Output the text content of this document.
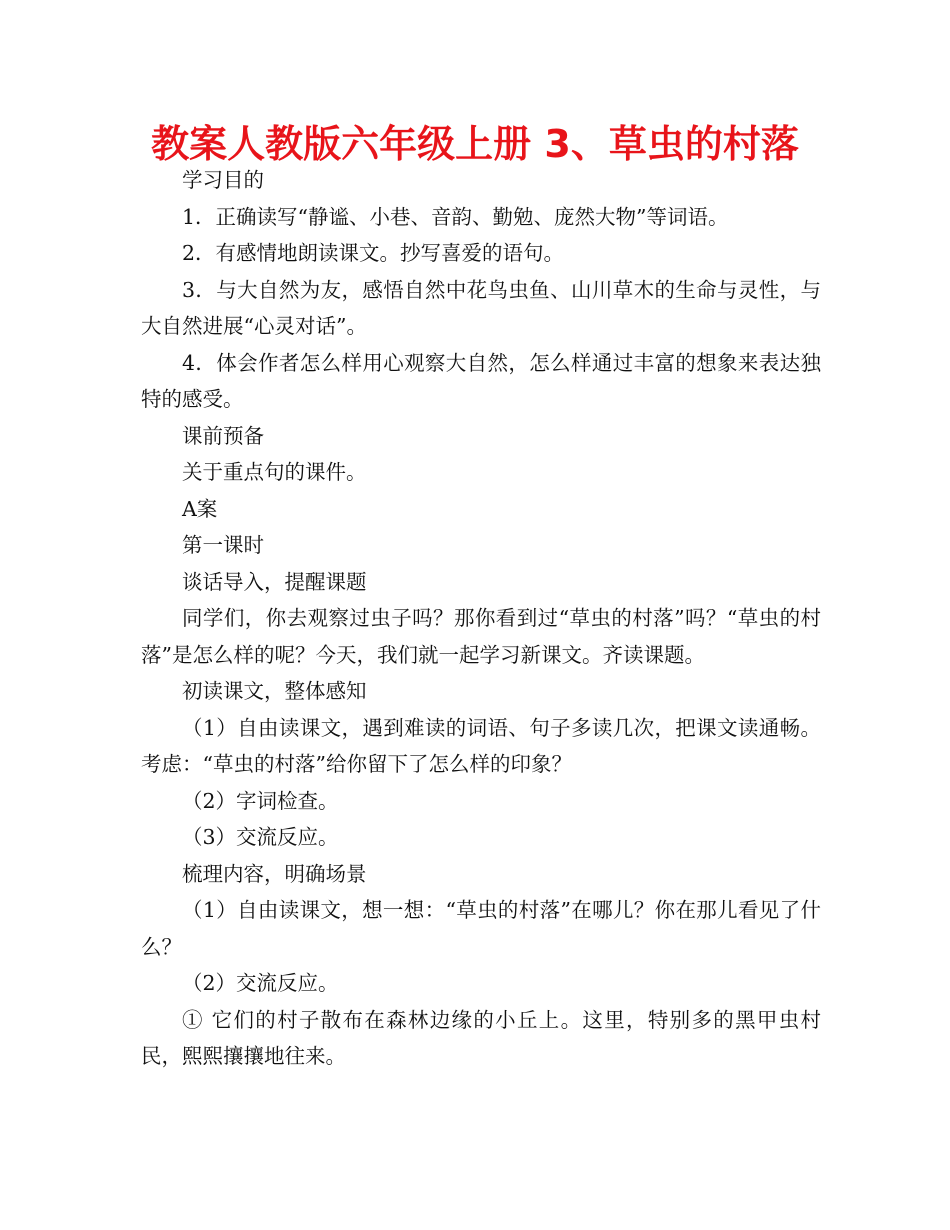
教案人教版六年级上册 3、草虫的村落

学习目的

1．正确读写“静谧、小巷、音韵、勤勉、庞然大物”等词语。

2．有感情地朗读课文。抄写喜爱的语句。

3．与大自然为友，感悟自然中花鸟虫鱼、山川草木的生命与灵性，与大自然进展“心灵对话”。

4．体会作者怎么样用心观察大自然，怎么样通过丰富的想象来表达独特的感受。

课前预备

关于重点句的课件。

A案

第一课时

谈话导入，提醒课题

同学们，你去观察过虫子吗？那你看到过“草虫的村落”吗？“草虫的村落”是怎么样的呢？今天，我们就一起学习新课文。齐读课题。

初读课文，整体感知

（1）自由读课文，遇到难读的词语、句子多读几次，把课文读通畅。考虑：“草虫的村落”给你留下了怎么样的印象？

（2）字词检查。

（3）交流反应。

梳理内容，明确场景

（1）自由读课文，想一想：“草虫的村落”在哪儿？你在那儿看见了什么？

（2）交流反应。

① 它们的村子散布在森林边缘的小丘上。这里，特别多的黑甲虫村民，熙熙攘攘地往来。
